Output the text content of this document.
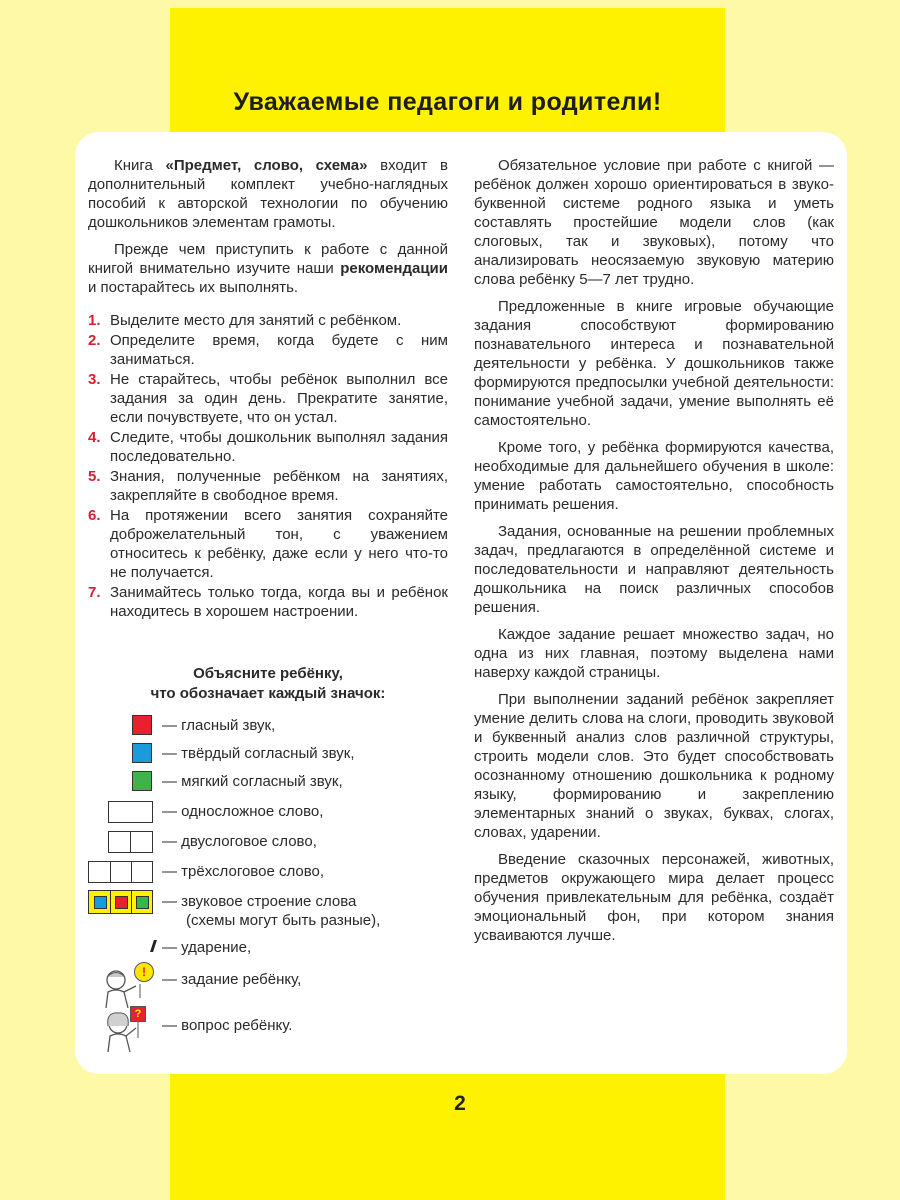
Уважаемые педагоги и родители!

Книга «Предмет, слово, схема» входит в дополнительный комплект учебно-наглядных пособий к авторской технологии по обучению дошкольников элементам грамоты.

Прежде чем приступить к работе с данной книгой внимательно изучите наши рекомендации и постарайтесь их выполнять.

1. Выделите место для занятий с ребёнком.
2. Определите время, когда будете с ним заниматься.
3. Не старайтесь, чтобы ребёнок выполнил все задания за один день. Прекратите занятие, если почувствуете, что он устал.
4. Следите, чтобы дошкольник выполнял задания последовательно.
5. Знания, полученные ребёнком на занятиях, закрепляйте в свободное время.
6. На протяжении всего занятия сохраняйте доброжелательный тон, с уважением относитесь к ребёнку, даже если у него что-то не получается.
7. Занимайтесь только тогда, когда вы и ребёнок находитесь в хорошем настроении.
Объясните ребёнку,
что обозначает каждый значок:
— гласный звук,
— твёрдый согласный звук,
— мягкий согласный звук,
— односложное слово,
— двуслоговое слово,
— трёхслоговое слово,
— звуковое строение слова
(схемы могут быть разные),
— ударение,
!	— задание ребёнку,
?
— вопрос ребёнку.

Обязательное условие при работе с книгой — ребёнок должен хорошо ориентироваться в звуко-буквенной системе родного языка и уметь составлять простейшие модели слов (как слоговых, так и звуковых), потому что анализировать неосязаемую звуковую материю слова ребёнку 5—7 лет трудно.

Предложенные в книге игровые обучающие задания способствуют формированию познавательного интереса и познавательной деятельности у ребёнка. У дошкольников также формируются предпосылки учебной деятельности: понимание учебной задачи, умение выполнять её самостоятельно.

Кроме того, у ребёнка формируются качества, необходимые для дальнейшего обучения в школе: умение работать самостоятельно, способность принимать решения.

Задания, основанные на решении проблемных задач, предлагаются в определённой системе и последовательности и направляют деятельность дошкольника на поиск различных способов решения.

Каждое задание решает множество задач, но одна из них главная, поэтому выделена нами наверху каждой страницы.

При выполнении заданий ребёнок закрепляет умение делить слова на слоги, проводить звуковой и буквенный анализ слов различной структуры, строить модели слов. Это будет способствовать осознанному отношению дошкольника к родному языку, формированию и закреплению элементарных знаний о звуках, буквах, слогах, словах, ударении.

Введение сказочных персонажей, животных, предметов окружающего мира делает процесс обучения привлекательным для ребёнка, создаёт эмоциональный фон, при котором знания усваиваются лучше.

2
